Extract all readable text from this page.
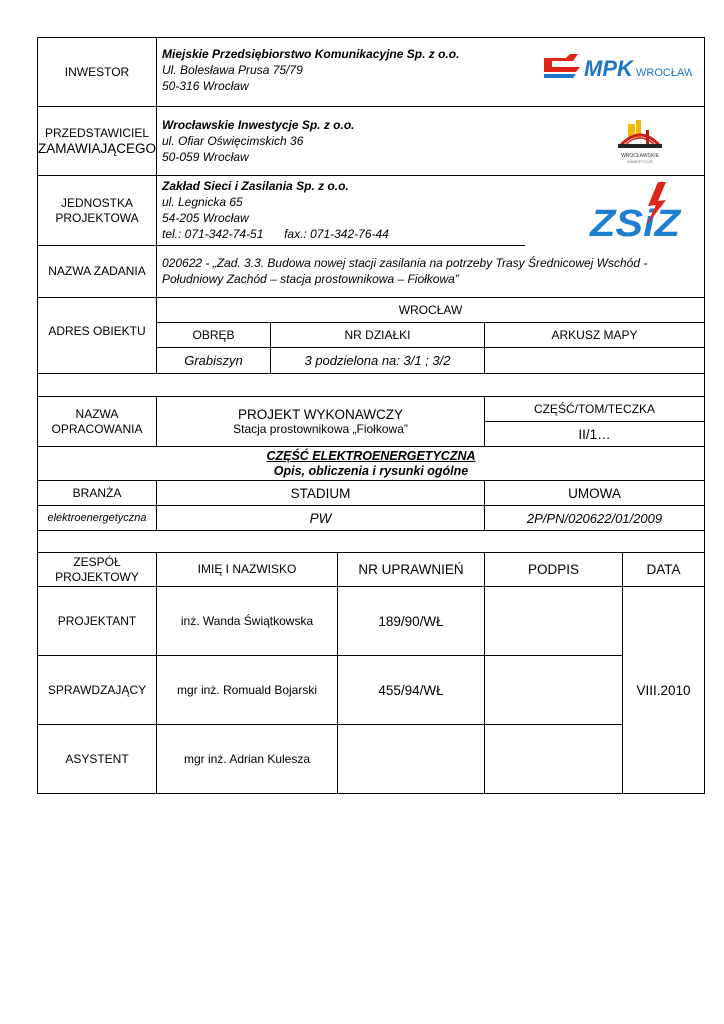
INWESTOR
Miejskie Przedsiębiorstwo Komunikacyjne Sp. z o.o.
Ul. Bolesława Prusa 75/79
50-316 Wrocław
MPK WROCŁAW
PRZEDSTAWICIEL
ZAMAWIAJĄCEGO
Wrocławskie Inwestycje Sp. z o.o.
ul. Ofiar Oświęcimskich 36
50-059 Wrocław	WROCŁAWSKIE
INWESTYCJE
JEDNOSTKA
PROJEKTOWA
Zakład Sieci i Zasilania Sp. z o.o.
ul. Legnicka 65
54-205 Wrocław
tel.: 071-342-74-51 fax.: 071-342-76-44	ZSiZ
NAZWA ZADANIA
020622 - „Zad. 3.3. Budowa nowej stacji zasilania na potrzeby Trasy Średnicowej Wschód -
Południowy Zachód – stacja prostownikowa – Fiołkowa”
ADRES OBIEKTU
WROCŁAW
OBRĘB	NR DZIAŁKI	ARKUSZ MAPY
Grabiszyn	3 podzielona na: 3/1 ; 3/2
NAZWA
OPRACOWANIA
PROJEKT WYKONAWCZY
Stacja prostownikowa „Fiołkowa”
CZĘŚĆ/TOM/TECZKA
II/1…
CZĘŚĆ ELEKTROENERGETYCZNA
Opis, obliczenia i rysunki ogólne
BRANŻA	STADIUM	UMOWA
elektroenergetyczna	PW	2P/PN/020622/01/2009
ZESPÓŁ
PROJEKTOWY
IMIĘ I NAZWISKO	NR UPRAWNIEŃ	PODPIS	DATA
PROJEKTANT	inż. Wanda Świątkowska	189/90/WŁ
SPRAWDZAJĄCY	mgr inż. Romuald Bojarski	455/94/WŁ
ASYSTENT	mgr inż. Adrian Kulesza
VIII.2010
